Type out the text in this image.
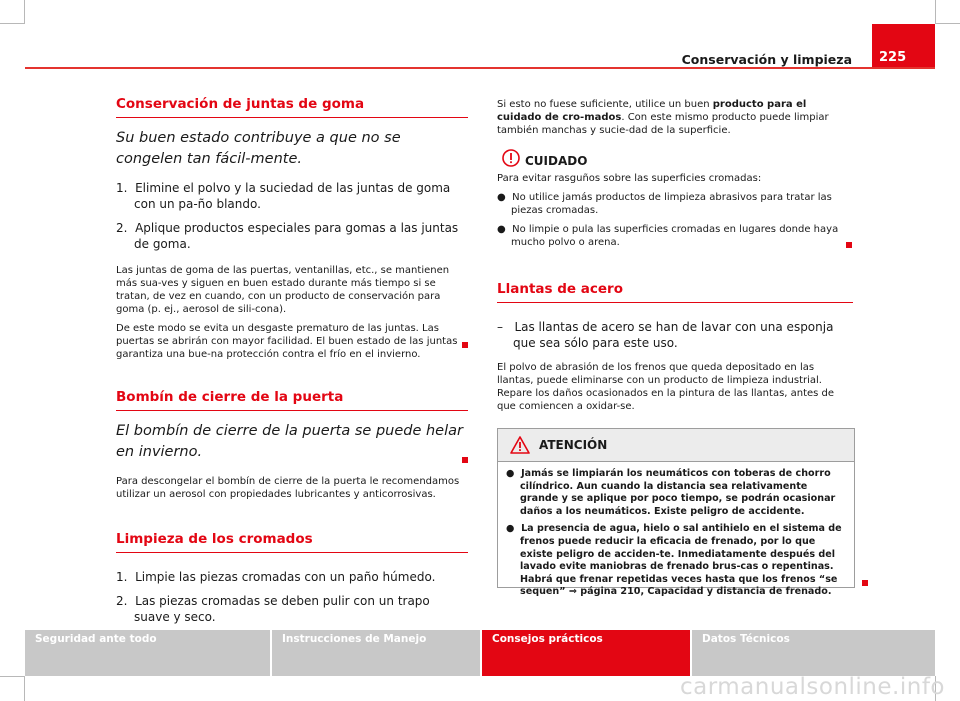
Conservación y limpieza 225
Conservación de juntas de goma
Su buen estado contribuye a que no se congelen tan fácil-mente.
1.  Elimine el polvo y la suciedad de las juntas de goma con un pa-ño blando.
2.  Aplique productos especiales para gomas a las juntas de goma.

Las juntas de goma de las puertas, ventanillas, etc., se mantienen más sua-ves y siguen en buen estado durante más tiempo si se tratan, de vez en cuando, con un producto de conservación para goma (p. ej., aerosol de sili-cona).

De este modo se evita un desgaste prematuro de las juntas. Las puertas se abrirán con mayor facilidad. El buen estado de las juntas garantiza una bue-na protección contra el frío en el invierno.

Bombín de cierre de la puerta
El bombín de cierre de la puerta se puede helar en invierno.

Para descongelar el bombín de cierre de la puerta le recomendamos utilizar un aerosol con propiedades lubricantes y anticorrosivas.

Limpieza de los cromados
1.  Limpie las piezas cromadas con un paño húmedo.
2.  Las piezas cromadas se deben pulir con un trapo suave y seco.

Si esto no fuese suficiente, utilice un buen producto para el cuidado de cro-mados. Con este mismo producto puede limpiar también manchas y sucie-dad de la superficie.

CUIDADO

Para evitar rasguños sobre las superficies cromadas:

●  No utilice jamás productos de limpieza abrasivos para tratar las piezas cromadas.
●  No limpie o pula las superficies cromadas en lugares donde haya mucho polvo o arena.
Llantas de acero
–   Las llantas de acero se han de lavar con una esponja que sea sólo para este uso.

El polvo de abrasión de los frenos que queda depositado en las llantas, puede eliminarse con un producto de limpieza industrial. Repare los daños ocasionados en la pintura de las llantas, antes de que comiencen a oxidar-se.

ATENCIÓN
●  Jamás se limpiarán los neumáticos con toberas de chorro cilíndrico. Aun cuando la distancia sea relativamente grande y se aplique por poco tiempo, se podrán ocasionar daños a los neumáticos. Existe peligro de accidente.
●  La presencia de agua, hielo o sal antihielo en el sistema de frenos puede reducir la eficacia de frenado, por lo que existe peligro de acciden-te. Inmediatamente después del lavado evite maniobras de frenado brus-cas o repentinas. Habrá que frenar repetidas veces hasta que los frenos “se sequen” ⇒ página 210, Capacidad y distancia de frenado.
Seguridad ante todo	Instrucciones de Manejo	Consejos prácticos	Datos Técnicos
carmanualsonline.info
